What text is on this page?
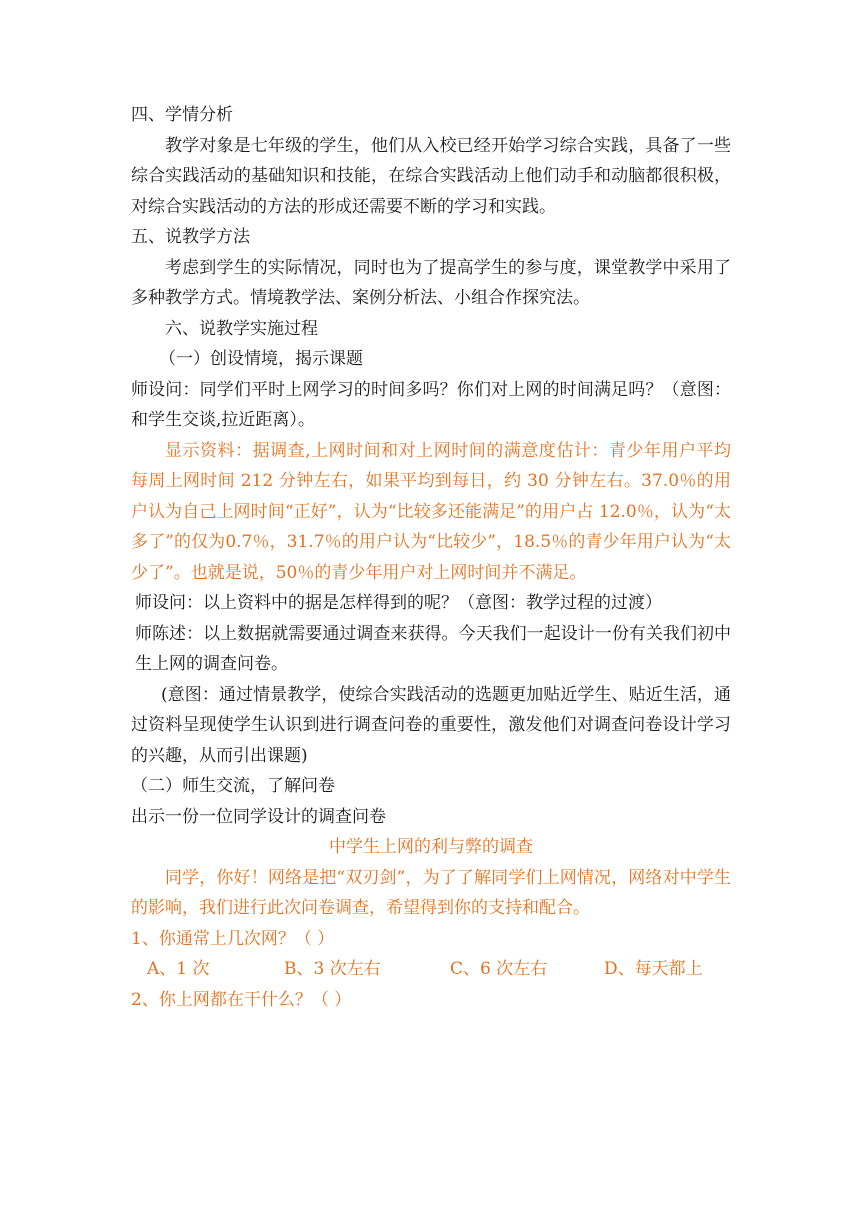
四、学情分析

教学对象是七年级的学生，他们从入校已经开始学习综合实践，具备了一些综合实践活动的基础知识和技能，在综合实践活动上他们动手和动脑都很积极，对综合实践活动的方法的形成还需要不断的学习和实践。

五、说教学方法

考虑到学生的实际情况，同时也为了提高学生的参与度，课堂教学中采用了多种教学方式。情境教学法、案例分析法、小组合作探究法。

六、说教学实施过程

（一）创设情境，揭示课题

师设问：同学们平时上网学习的时间多吗？你们对上网的时间满足吗？（意图：和学生交谈,拉近距离）。

显示资料：据调查,上网时间和对上网时间的满意度估计：青少年用户平均每周上网时间 212 分钟左右，如果平均到每日，约 30 分钟左右。37.0％的用户认为自己上网时间“正好”，认为“比较多还能满足”的用户占 12.0％，认为“太多了”的仅为0.7％，31.7％的用户认为“比较少”，18.5％的青少年用户认为“太少了”。也就是说，50％的青少年用户对上网时间并不满足。

师设问：以上资料中的据是怎样得到的呢？（意图：教学过程的过渡）

师陈述：以上数据就需要通过调查来获得。今天我们一起设计一份有关我们初中生上网的调查问卷。

(意图：通过情景教学，使综合实践活动的选题更加贴近学生、贴近生活，通过资料呈现使学生认识到进行调查问卷的重要性，激发他们对调查问卷设计学习的兴趣，从而引出课题)

（二）师生交流，了解问卷

出示一份一位同学设计的调查问卷

中学生上网的利与弊的调查

同学，你好！网络是把“双刃剑”，为了了解同学们上网情况，网络对中学生的影响，我们进行此次问卷调查，希望得到你的支持和配合。

1、你通常上几次网？（ ）

A、1 次	B、3 次左右	C、6 次左右	D、每天都上

2、你上网都在干什么？（ ）
